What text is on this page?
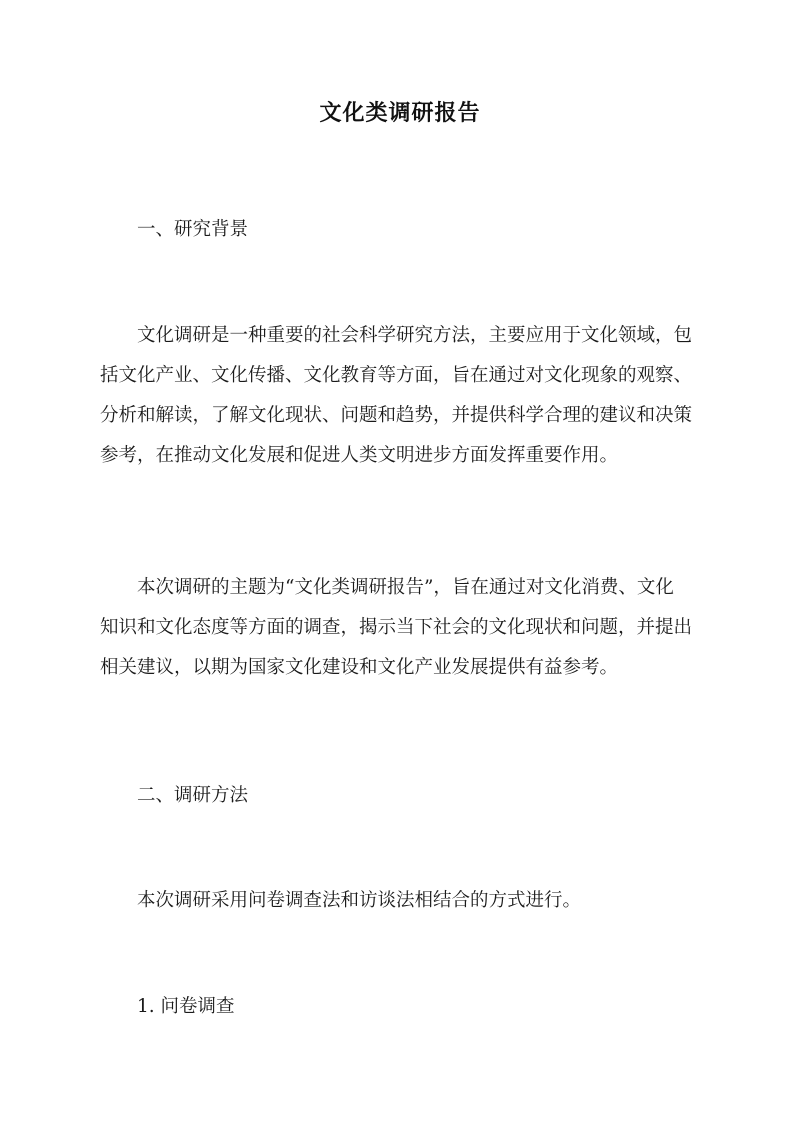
文化类调研报告
一、研究背景
文化调研是一种重要的社会科学研究方法，主要应用于文化领域，包
括文化产业、文化传播、文化教育等方面，旨在通过对文化现象的观察、
分析和解读，了解文化现状、问题和趋势，并提供科学合理的建议和决策
参考，在推动文化发展和促进人类文明进步方面发挥重要作用。
本次调研的主题为“文化类调研报告”，旨在通过对文化消费、文化
知识和文化态度等方面的调查，揭示当下社会的文化现状和问题，并提出
相关建议，以期为国家文化建设和文化产业发展提供有益参考。
二、调研方法
本次调研采用问卷调查法和访谈法相结合的方式进行。
1. 问卷调查
